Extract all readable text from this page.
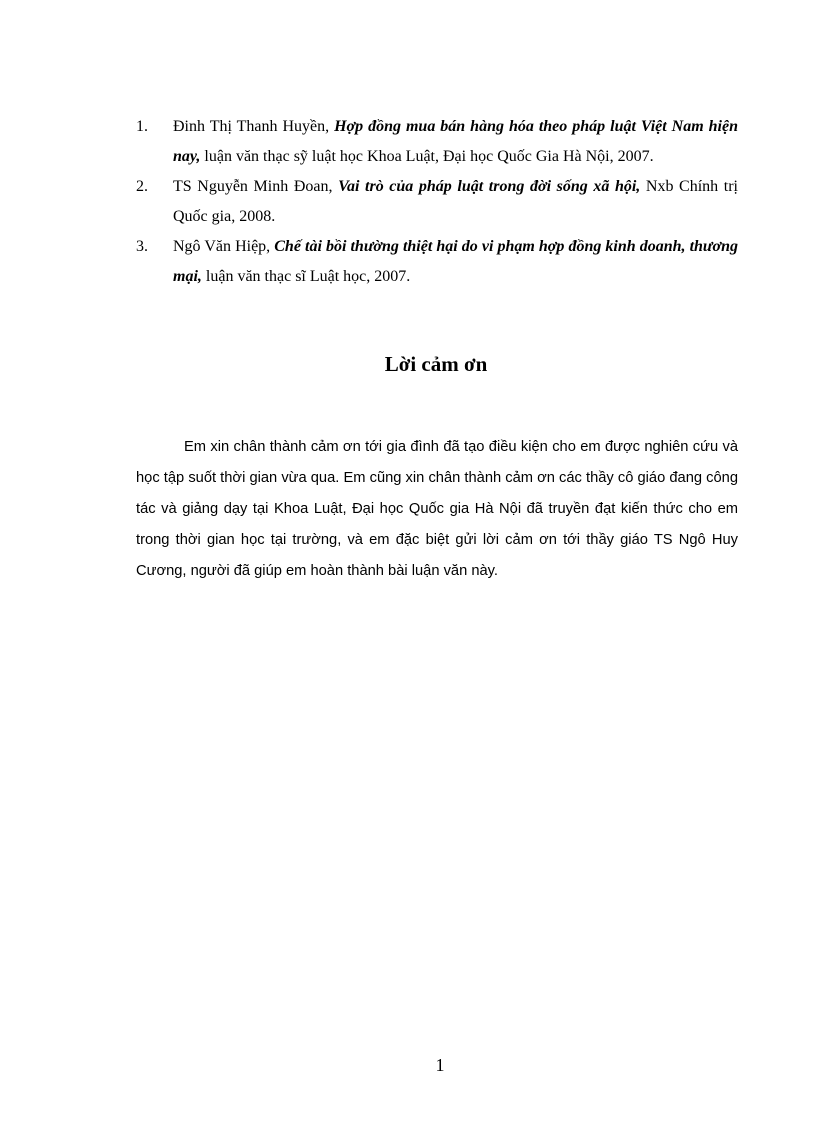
1. Đinh Thị Thanh Huyền, Hợp đồng mua bán hàng hóa theo pháp luật Việt Nam hiện nay, luận văn thạc sỹ luật học Khoa Luật, Đại học Quốc Gia Hà Nội, 2007.
2. TS Nguyễn Minh Đoan, Vai trò của pháp luật trong đời sống xã hội, Nxb Chính trị Quốc gia, 2008.
3. Ngô Văn Hiệp, Chế tài bồi thường thiệt hại do vi phạm hợp đồng kinh doanh, thương mại, luận văn thạc sĩ Luật học, 2007.
Lời cảm ơn

Em xin chân thành cảm ơn tới gia đình đã tạo điều kiện cho em được nghiên cứu và học tập suốt thời gian vừa qua. Em cũng xin chân thành cảm ơn các thầy cô giáo đang công tác và giảng dạy tại Khoa Luật, Đại học Quốc gia Hà Nội đã truyền đạt kiến thức cho em trong thời gian học tại trường, và em đặc biệt gửi lời cảm ơn tới thầy giáo TS Ngô Huy Cương, người đã giúp em hoàn thành bài luận văn này.

1
